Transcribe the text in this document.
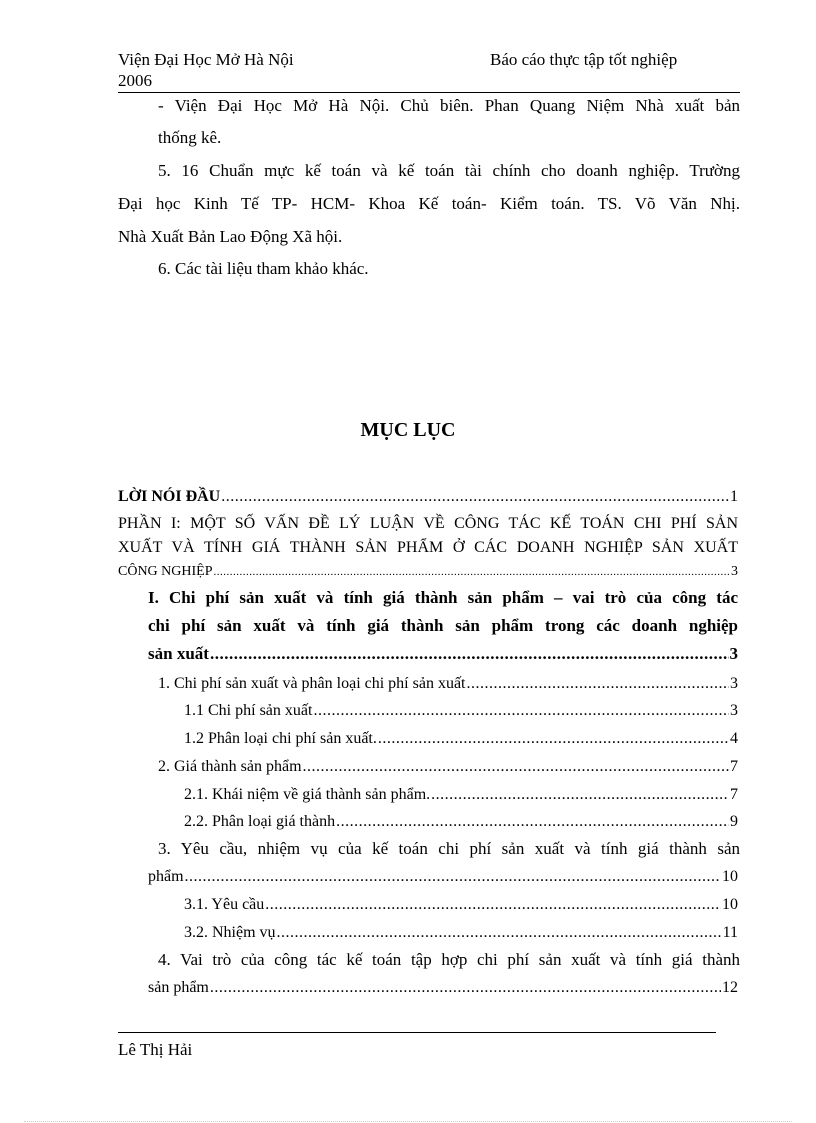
Viện Đại Học Mở Hà Nội
2006
Báo cáo thực tập tốt nghiệp
- Viện Đại Học Mở Hà Nội. Chủ biên. Phan Quang Niệm Nhà xuất bản
thống kê.
5. 16 Chuẩn mực kế toán và kế toán tài chính cho doanh nghiệp. Trường
Đại học Kinh Tế TP- HCM- Khoa Kế toán- Kiểm toán. TS. Võ Văn Nhị.
Nhà Xuất Bản Lao Động Xã hội.
6. Các tài liệu tham khảo khác.
MỤC LỤC
LỜI NÓI ĐẦU .....	1
PHẦN I: MỘT SỐ VẤN ĐỀ LÝ LUẬN VỀ CÔNG TÁC KẾ TOÁN CHI PHÍ SẢN
XUẤT VÀ TÍNH GIÁ THÀNH SẢN PHẨM Ở CÁC DOANH NGHIỆP SẢN XUẤT
CÔNG NGHIỆP .....	3
I. Chi phí sản xuất và tính giá thành sản phẩm – vai trò của công tác
chi phí sản xuất và tính giá thành sản phẩm trong các doanh nghiệp
sản xuất .....	3
1. Chi phí sản xuất và phân loại chi phí sản xuất .....	3
1.1 Chi phí sản xuất .....	3
1.2 Phân loại chi phí sản xuất. .....	4
2. Giá thành sản phẩm .....	7
2.1. Khái niệm về giá thành sản phẩm. .....	7
2.2. Phân loại giá thành .....	9
3. Yêu cầu, nhiệm vụ của kế toán chi phí sản xuất và tính giá thành sản
phẩm .....	10
3.1. Yêu cầu .....	10
3.2. Nhiệm vụ .....	11
4. Vai trò của công tác kế toán tập hợp chi phí sản xuất và tính giá thành
sản phẩm .....	12
Lê Thị Hải
